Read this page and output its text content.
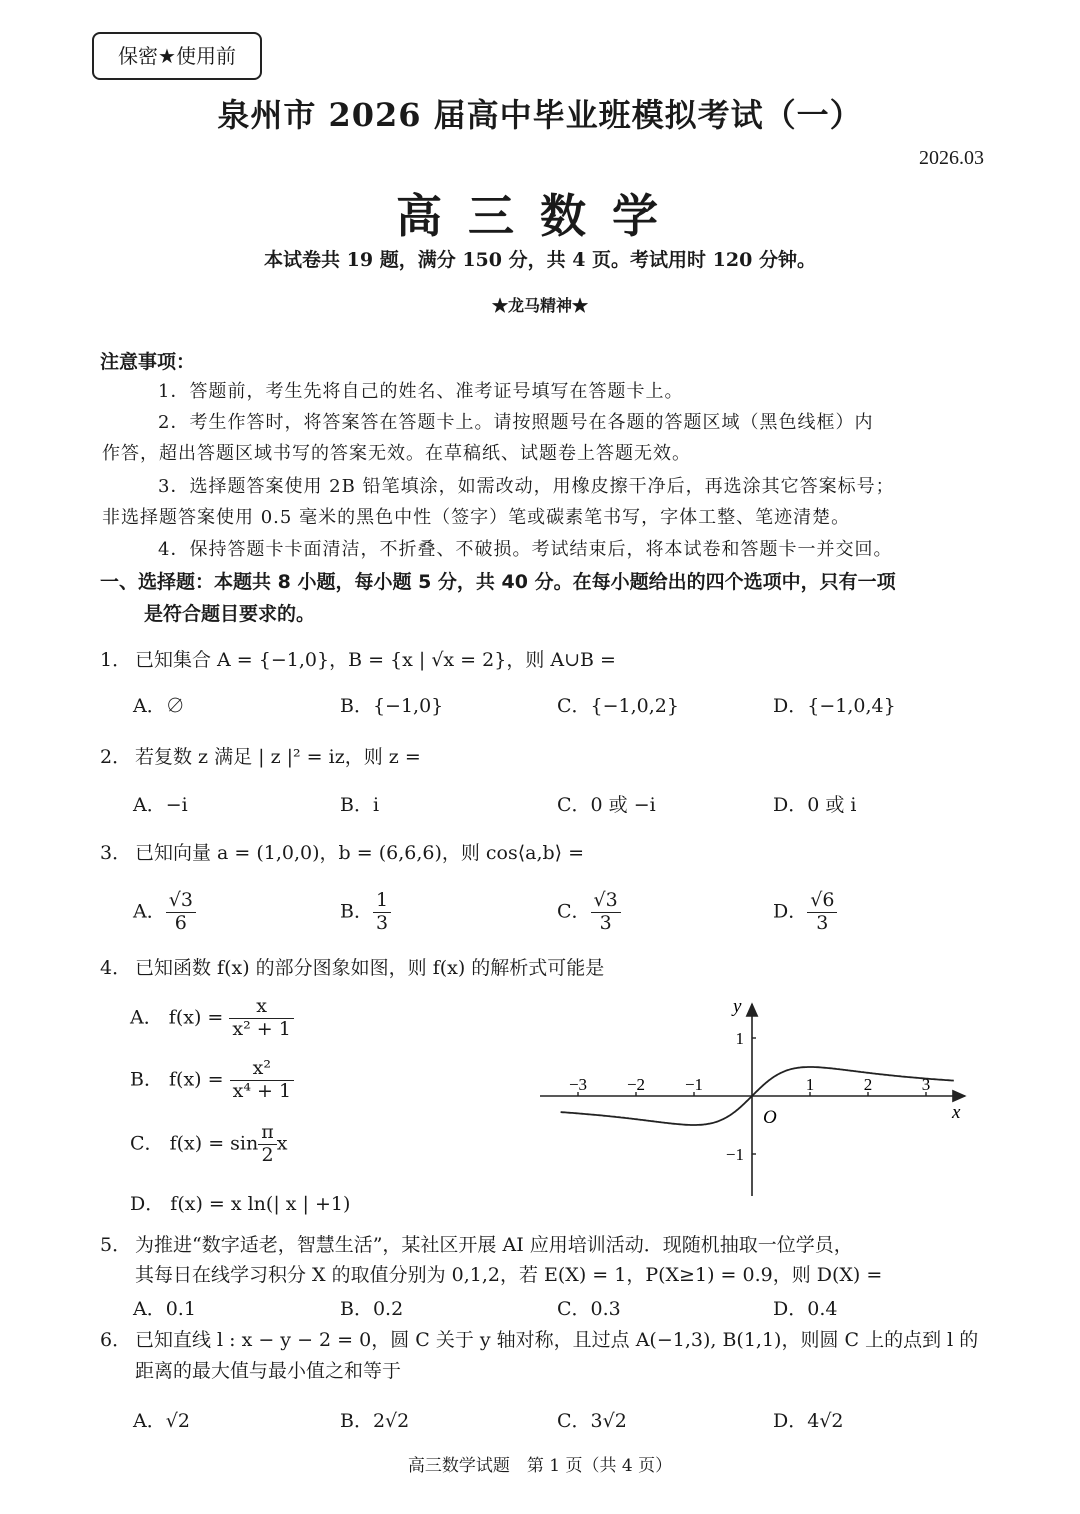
保密★使用前
泉州市 2026 届高中毕业班模拟考试（一）
2026.03
高三数学
本试卷共 19 题，满分 150 分，共 4 页。考试用时 120 分钟。
★龙马精神★
注意事项：
1．答题前，考生先将自己的姓名、准考证号填写在答题卡上。
2．考生作答时，将答案答在答题卡上。请按照题号在各题的答题区域（黑色线框）内
作答，超出答题区域书写的答案无效。在草稿纸、试题卷上答题无效。
3．选择题答案使用 2B 铅笔填涂，如需改动，用橡皮擦干净后，再选涂其它答案标号；
非选择题答案使用 0.5 毫米的黑色中性（签字）笔或碳素笔书写，字体工整、笔迹清楚。
4．保持答题卡卡面清洁，不折叠、不破损。考试结束后，将本试卷和答题卡一并交回。
一、选择题：本题共 8 小题，每小题 5 分，共 40 分。在每小题给出的四个选项中，只有一项
是符合题目要求的。
1． 已知集合 A = {−1,0}，B = {x | √x = 2}，则 A∪B =
A．∅	B．{−1,0}	C．{−1,0,2}	D．{−1,0,4}
2． 若复数 z 满足 | z |² = iz，则 z =
A．−i	B．i	C．0 或 −i	D．0 或 i
3． 已知向量 a = (1,0,0)，b = (6,6,6)，则 cos⟨a,b⟩ =
A． $\frac{√3}{6}$	B． $\frac{1}{3}$	C． $\frac{√3}{3}$	D． $\frac{√6}{3}$
4． 已知函数 f(x) 的部分图象如图，则 f(x) 的解析式可能是
A． $f(x) = \frac{x}{\text{x² + 1}}$
B． $f(x) = \frac{\text{x²}}{\text{x⁴ + 1}}$
C． $f(x) = \sin \frac{\pi}{2}$ x
D． f(x) = x ln(| x | +1)
y
x
O
−3 −2 −1	1	2	3
1
−1
5． 为推进“数字适老，智慧生活”，某社区开展 AI 应用培训活动．现随机抽取一位学员，
其每日在线学习积分 X 的取值分别为 0,1,2，若 E(X) = 1，P(X≥1) = 0.9，则 D(X) =
A．0.1	B．0.2	C．0.3	D．0.4
6． 已知直线 l : x − y − 2 = 0，圆 C 关于 y 轴对称，且过点 A(−1,3), B(1,1)，则圆 C 上的点到 l 的
距离的最大值与最小值之和等于
A．√2	B．2√2	C．3√2	D．4√2
高三数学试题　第 1 页（共 4 页）
